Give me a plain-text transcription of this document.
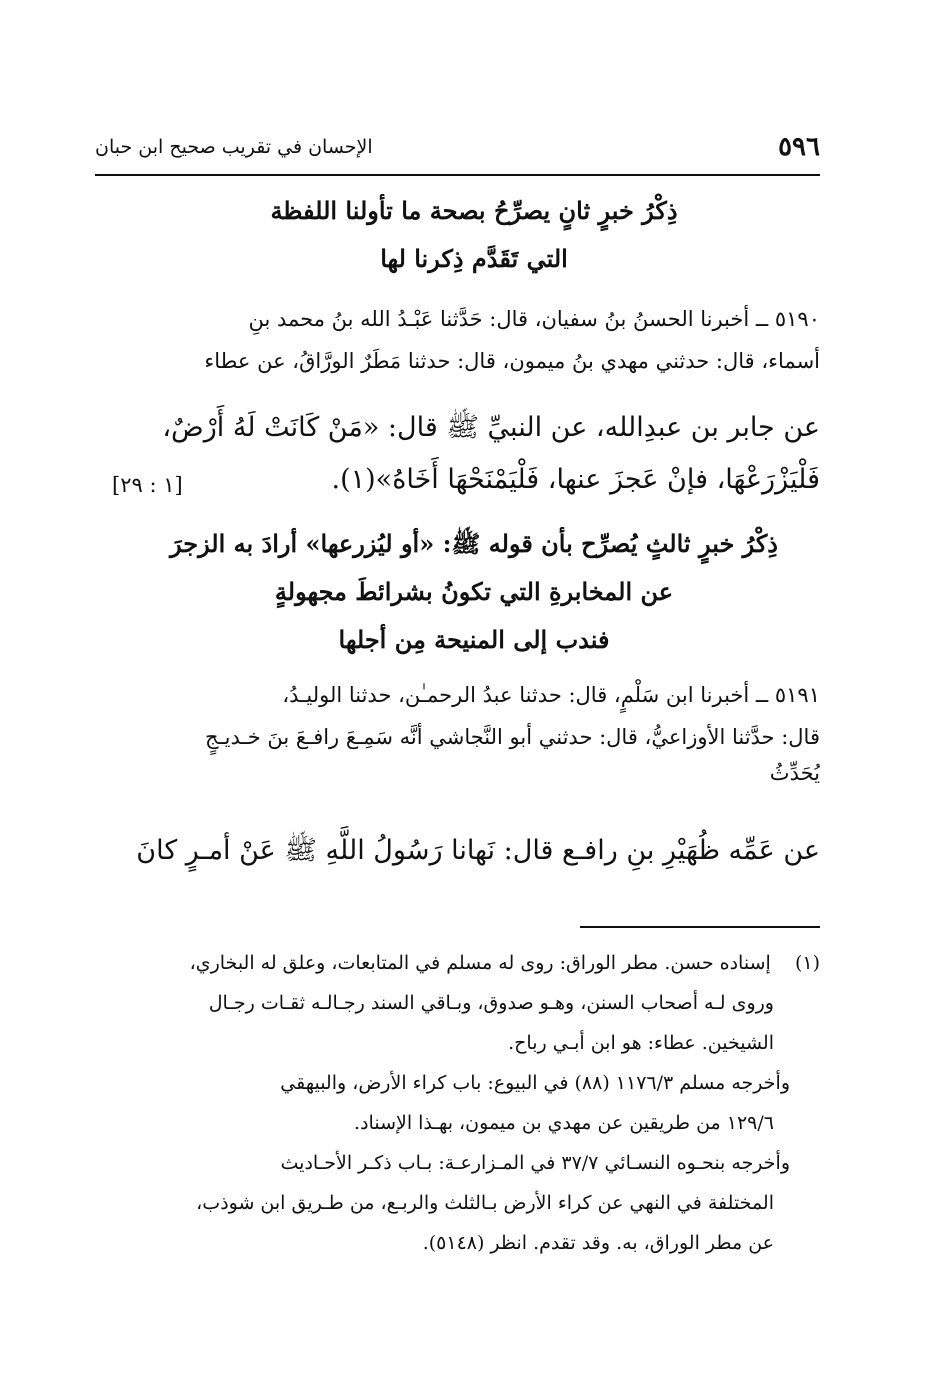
٥٩٦
الإحسان في تقريب صحيح ابن حبان
ذِكْرُ خبرٍ ثانٍ يصرِّحُ بصحة ما تأولنا اللفظة
التي تَقَدَّم ذِكرنا لها
٥١٩٠ ــ أخبرنا الحسنُ بنُ سفيان، قال: حَدَّثنا عَبْـدُ الله بنُ محمد بنِ
أسماء، قال: حدثني مهدي بنُ ميمون، قال: حدثنا مَطَرٌ الورَّاقُ، عن عطاء
عن جابر بن عبدِالله، عن النبيِّ ﷺ قال: «مَنْ كَانَتْ لَهُ أَرْضٌ،
فَلْيَزْرَعْهَا، فإنْ عَجزَ عنها، فَلْيَمْنَحْهَا أَخَاهُ»(١).
[١ : ٢٩]
ذِكْرُ خبرٍ ثالثٍ يُصرِّح بأن قوله ﷺ: «أو ليُزرعها» أرادَ به الزجرَ
عن المخابرةِ التي تكونُ بشرائطَ مجهولةٍ
فندب إلى المنيحة مِن أجلها
٥١٩١ ــ أخبرنا ابن سَلْمٍ، قال: حدثنا عبدُ الرحمـٰن، حدثنا الوليـدُ،
قال: حدَّثنا الأوزاعيُّ، قال: حدثني أبو النَّجاشي أنَّه سَمِـعَ رافـعَ بنَ خـديـجٍ
يُحَدِّثُ
عن عَمِّه ظُهَيْرِ بنِ رافـع قال: نَهانا رَسُولُ اللَّهِ ﷺ عَنْ أمـرٍ كانَ
(١)    إسناده حسن. مطر الوراق: روى له مسلم في المتابعات، وعلق له البخاري،
وروى لـه أصحاب السنن، وهـو صدوق، وبـاقي السند رجـالـه ثقـات رجـال
الشيخين. عطاء: هو ابن أبـي رباح.
وأخرجه مسلم ١١٧٦/٣ (٨٨) في البيوع: باب كراء الأرض، والبيهقي
١٢٩/٦ من طريقين عن مهدي بن ميمون، بهـذا الإسناد.
وأخرجه بنحـوه النسـائي ٣٧/٧ في المـزارعـة: بـاب ذكـر الأحـاديث
المختلفة في النهي عن كراء الأرض بـالثلث والربـع، من طـريق ابن شوذب،
عن مطر الوراق، به. وقد تقدم. انظر (٥١٤٨).
